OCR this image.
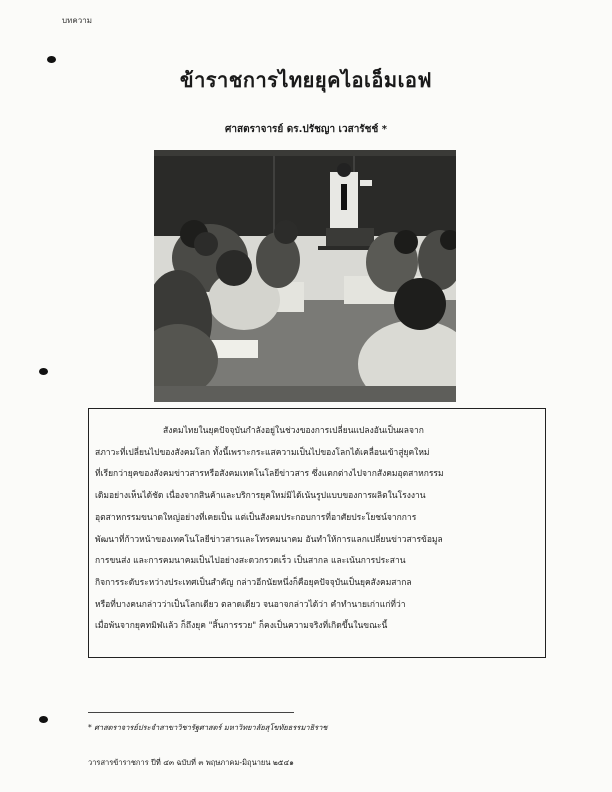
บทความ
ข้าราชการไทยยุคไอเอ็มเอฟ
ศาสตราจารย์ ดร.ปรัชญา เวสารัชช์ *
สังคมไทยในยุคปัจจุบันกำลังอยู่ในช่วงของการเปลี่ยนแปลงอันเป็นผลจาก
สภาวะที่เปลี่ยนไปของสังคมโลก ทั้งนี้เพราะกระแสความเป็นไปของโลกได้เคลื่อนเข้าสู่ยุคใหม่
ที่เรียกว่ายุคของสังคมข่าวสารหรือสังคมเทคโนโลยีข่าวสาร ซึ่งแตกต่างไปจากสังคมอุตสาหกรรม
เดิมอย่างเห็นได้ชัด เนื่องจากสินค้าและบริการยุคใหม่มิได้เน้นรูปแบบของการผลิตในโรงงาน
อุตสาหกรรมขนาดใหญ่อย่างที่เคยเป็น แต่เป็นสังคมประกอบการที่อาศัยประโยชน์จากการ
พัฒนาที่ก้าวหน้าของเทคโนโลยีข่าวสารและโทรคมนาคม อันทำให้การแลกเปลี่ยนข่าวสารข้อมูล
การขนส่ง และการคมนาคมเป็นไปอย่างสะดวกรวดเร็ว เป็นสากล และเน้นการประสาน
กิจการระดับระหว่างประเทศเป็นสำคัญ กล่าวอีกนัยหนึ่งก็คือยุคปัจจุบันเป็นยุคสังคมสากล
หรือที่บางคนกล่าวว่าเป็นโลกเดียว ตลาดเดียว จนอาจกล่าวได้ว่า คำทำนายเก่าแก่ที่ว่า
เมื่อพ้นจากยุคทมิฬแล้ว ก็ถึงยุค "สิ้นการรวย" ก็คงเป็นความจริงที่เกิดขึ้นในขณะนี้
* ศาสตราจารย์ประจำสาขาวิชารัฐศาสตร์ มหาวิทยาลัยสุโขทัยธรรมาธิราช
วารสารข้าราชการ ปีที่ ๔๓ ฉบับที่ ๓ พฤษภาคม-มิถุนายน ๒๕๔๑
